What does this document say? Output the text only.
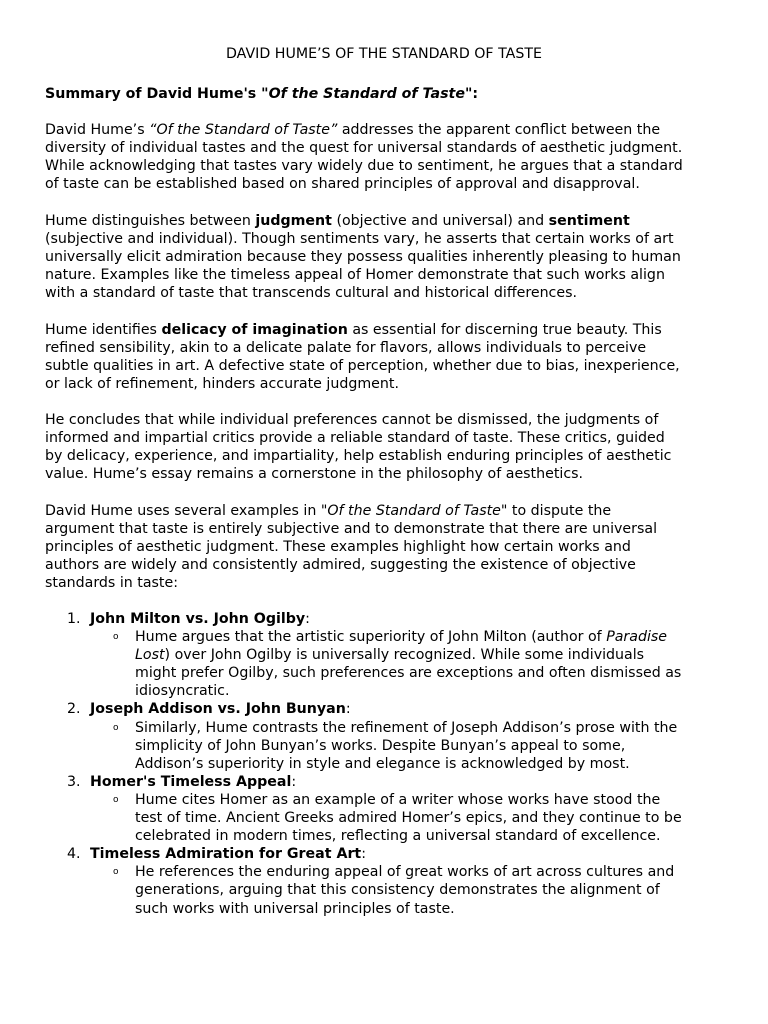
DAVID HUME’S OF THE STANDARD OF TASTE
Summary of David Hume's "Of the Standard of Taste":
David Hume’s “Of the Standard of Taste” addresses the apparent conflict between the
diversity of individual tastes and the quest for universal standards of aesthetic judgment.
While acknowledging that tastes vary widely due to sentiment, he argues that a standard
of taste can be established based on shared principles of approval and disapproval.
Hume distinguishes between judgment (objective and universal) and sentiment
(subjective and individual). Though sentiments vary, he asserts that certain works of art
universally elicit admiration because they possess qualities inherently pleasing to human
nature. Examples like the timeless appeal of Homer demonstrate that such works align
with a standard of taste that transcends cultural and historical differences.
Hume identifies delicacy of imagination as essential for discerning true beauty. This
refined sensibility, akin to a delicate palate for flavors, allows individuals to perceive
subtle qualities in art. A defective state of perception, whether due to bias, inexperience,
or lack of refinement, hinders accurate judgment.
He concludes that while individual preferences cannot be dismissed, the judgments of
informed and impartial critics provide a reliable standard of taste. These critics, guided
by delicacy, experience, and impartiality, help establish enduring principles of aesthetic
value. Hume’s essay remains a cornerstone in the philosophy of aesthetics.
David Hume uses several examples in "Of the Standard of Taste" to dispute the
argument that taste is entirely subjective and to demonstrate that there are universal
principles of aesthetic judgment. These examples highlight how certain works and
authors are widely and consistently admired, suggesting the existence of objective
standards in taste:
1. John Milton vs. John Ogilby:
o Hume argues that the artistic superiority of John Milton (author of Paradise
Lost) over John Ogilby is universally recognized. While some individuals
might prefer Ogilby, such preferences are exceptions and often dismissed as
idiosyncratic.
2. Joseph Addison vs. John Bunyan:
o Similarly, Hume contrasts the refinement of Joseph Addison’s prose with the
simplicity of John Bunyan’s works. Despite Bunyan’s appeal to some,
Addison’s superiority in style and elegance is acknowledged by most.
3. Homer's Timeless Appeal:
o Hume cites Homer as an example of a writer whose works have stood the
test of time. Ancient Greeks admired Homer’s epics, and they continue to be
celebrated in modern times, reflecting a universal standard of excellence.
4. Timeless Admiration for Great Art:
o He references the enduring appeal of great works of art across cultures and
generations, arguing that this consistency demonstrates the alignment of
such works with universal principles of taste.
